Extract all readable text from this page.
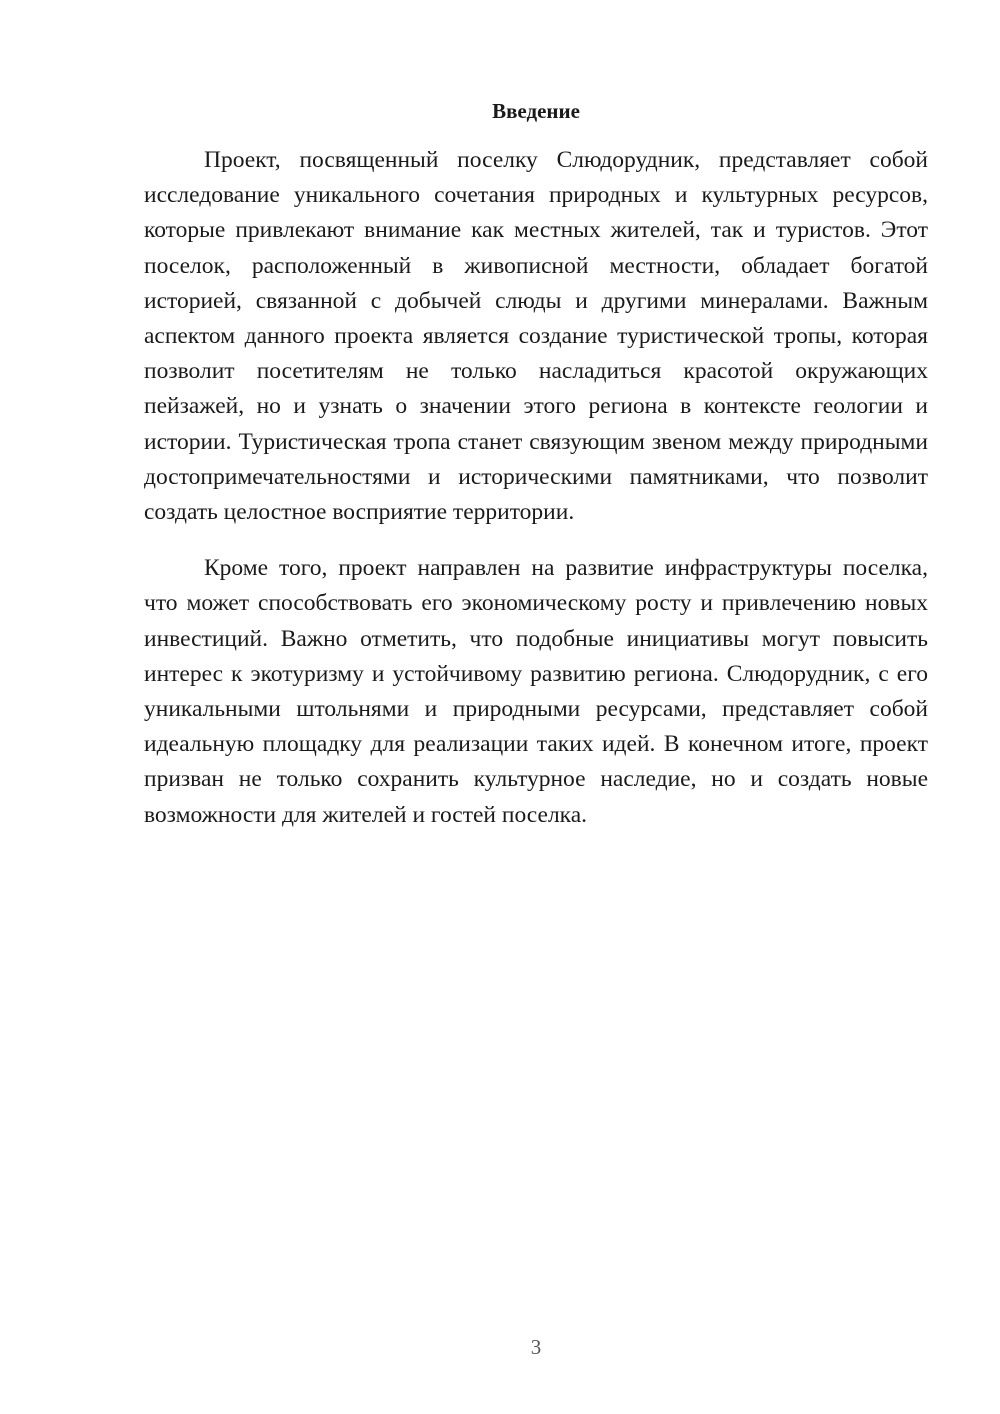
Введение

Проект, посвященный поселку Слюдорудник, представляет собой исследование уникального сочетания природных и культурных ресурсов, которые привлекают внимание как местных жителей, так и туристов. Этот поселок, расположенный в живописной местности, обладает богатой историей, связанной с добычей слюды и другими минералами. Важным аспектом данного проекта является создание туристической тропы, которая позволит посетителям не только насладиться красотой окружающих пейзажей, но и узнать о значении этого региона в контексте геологии и истории. Туристическая тропа станет связующим звеном между природными достопримечательностями и историческими памятниками, что позволит создать целостное восприятие территории.

Кроме того, проект направлен на развитие инфраструктуры поселка, что может способствовать его экономическому росту и привлечению новых инвестиций. Важно отметить, что подобные инициативы могут повысить интерес к экотуризму и устойчивому развитию региона. Слюдорудник, с его уникальными штольнями и природными ресурсами, представляет собой идеальную площадку для реализации таких идей. В конечном итоге, проект призван не только сохранить культурное наследие, но и создать новые возможности для жителей и гостей поселка.

3
